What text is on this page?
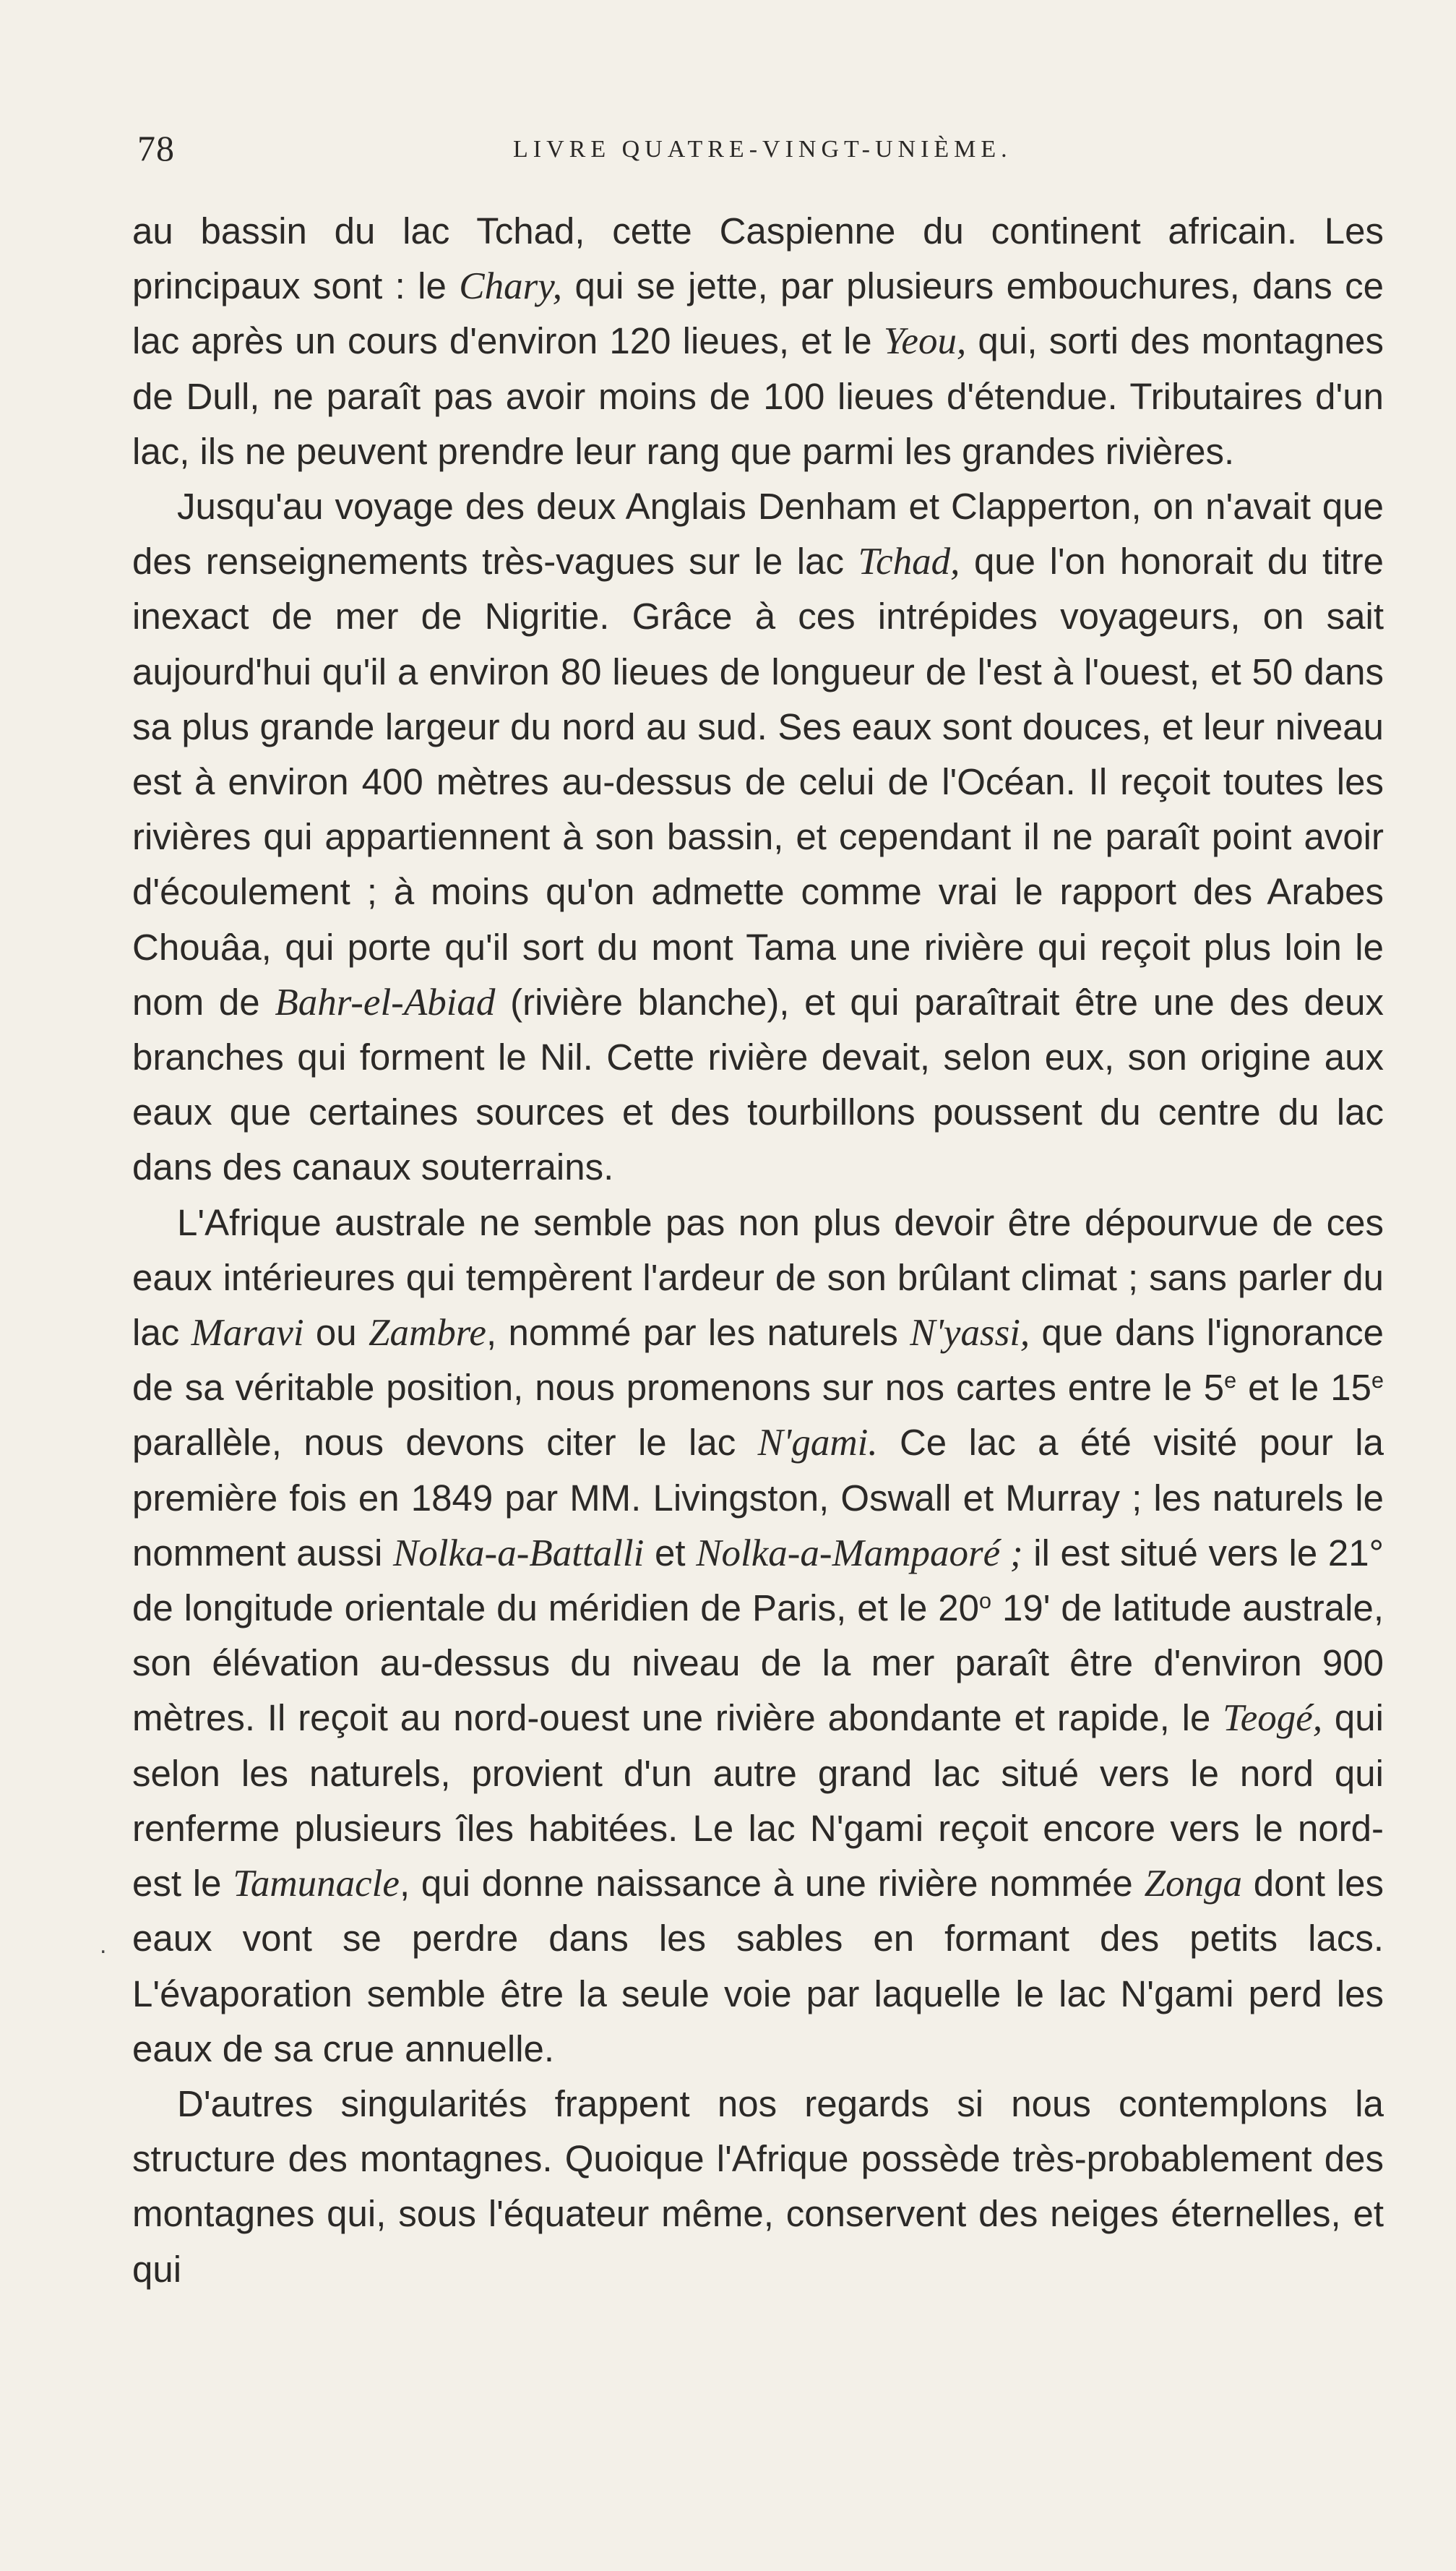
78	LIVRE QUATRE-VINGT-UNIÈME.
.

au bassin du lac Tchad, cette Caspienne du continent africain. Les principaux sont : le Chary, qui se jette, par plusieurs embouchures, dans ce lac après un cours d'environ 120 lieues, et le Yeou, qui, sorti des montagnes de Dull, ne paraît pas avoir moins de 100 lieues d'étendue. Tributaires d'un lac, ils ne peuvent prendre leur rang que parmi les grandes rivières.

Jusqu'au voyage des deux Anglais Denham et Clapperton, on n'avait que des renseignements très-vagues sur le lac Tchad, que l'on honorait du titre inexact de mer de Nigritie. Grâce à ces intrépides voyageurs, on sait aujourd'hui qu'il a environ 80 lieues de longueur de l'est à l'ouest, et 50 dans sa plus grande largeur du nord au sud. Ses eaux sont douces, et leur niveau est à environ 400 mètres au-dessus de celui de l'Océan. Il reçoit toutes les rivières qui appartiennent à son bassin, et cependant il ne paraît point avoir d'écoulement ; à moins qu'on admette comme vrai le rapport des Arabes Chouâa, qui porte qu'il sort du mont Tama une rivière qui reçoit plus loin le nom de Bahr-el-Abiad (rivière blanche), et qui paraîtrait être une des deux branches qui forment le Nil. Cette rivière devait, selon eux, son origine aux eaux que certaines sources et des tourbillons poussent du centre du lac dans des canaux souterrains.

L'Afrique australe ne semble pas non plus devoir être dépourvue de ces eaux intérieures qui tempèrent l'ardeur de son brûlant climat ; sans parler du lac Maravi ou Zambre, nommé par les naturels N'yassi, que dans l'ignorance de sa véritable position, nous promenons sur nos cartes entre le 5e et le 15e parallèle, nous devons citer le lac N'gami. Ce lac a été visité pour la première fois en 1849 par MM. Livingston, Oswall et Murray ; les naturels le nomment aussi Nolka-a-Battalli et Nolka-a-Mampaoré ; il est situé vers le 21° de longitude orientale du méridien de Paris, et le 20$^o$ 19' de latitude australe, son élévation au-dessus du niveau de la mer paraît être d'environ 900 mètres. Il reçoit au nord-ouest une rivière abondante et rapide, le Teogé, qui selon les naturels, provient d'un autre grand lac situé vers le nord qui renferme plusieurs îles habitées. Le lac N'gami reçoit encore vers le nord-est le Tamunacle, qui donne naissance à une rivière nommée Zonga dont les eaux vont se perdre dans les sables en formant des petits lacs. L'évaporation semble être la seule voie par laquelle le lac N'gami perd les eaux de sa crue annuelle.

D'autres singularités frappent nos regards si nous contemplons la structure des montagnes. Quoique l'Afrique possède très-probablement des montagnes qui, sous l'équateur même, conservent des neiges éternelles, et qui
